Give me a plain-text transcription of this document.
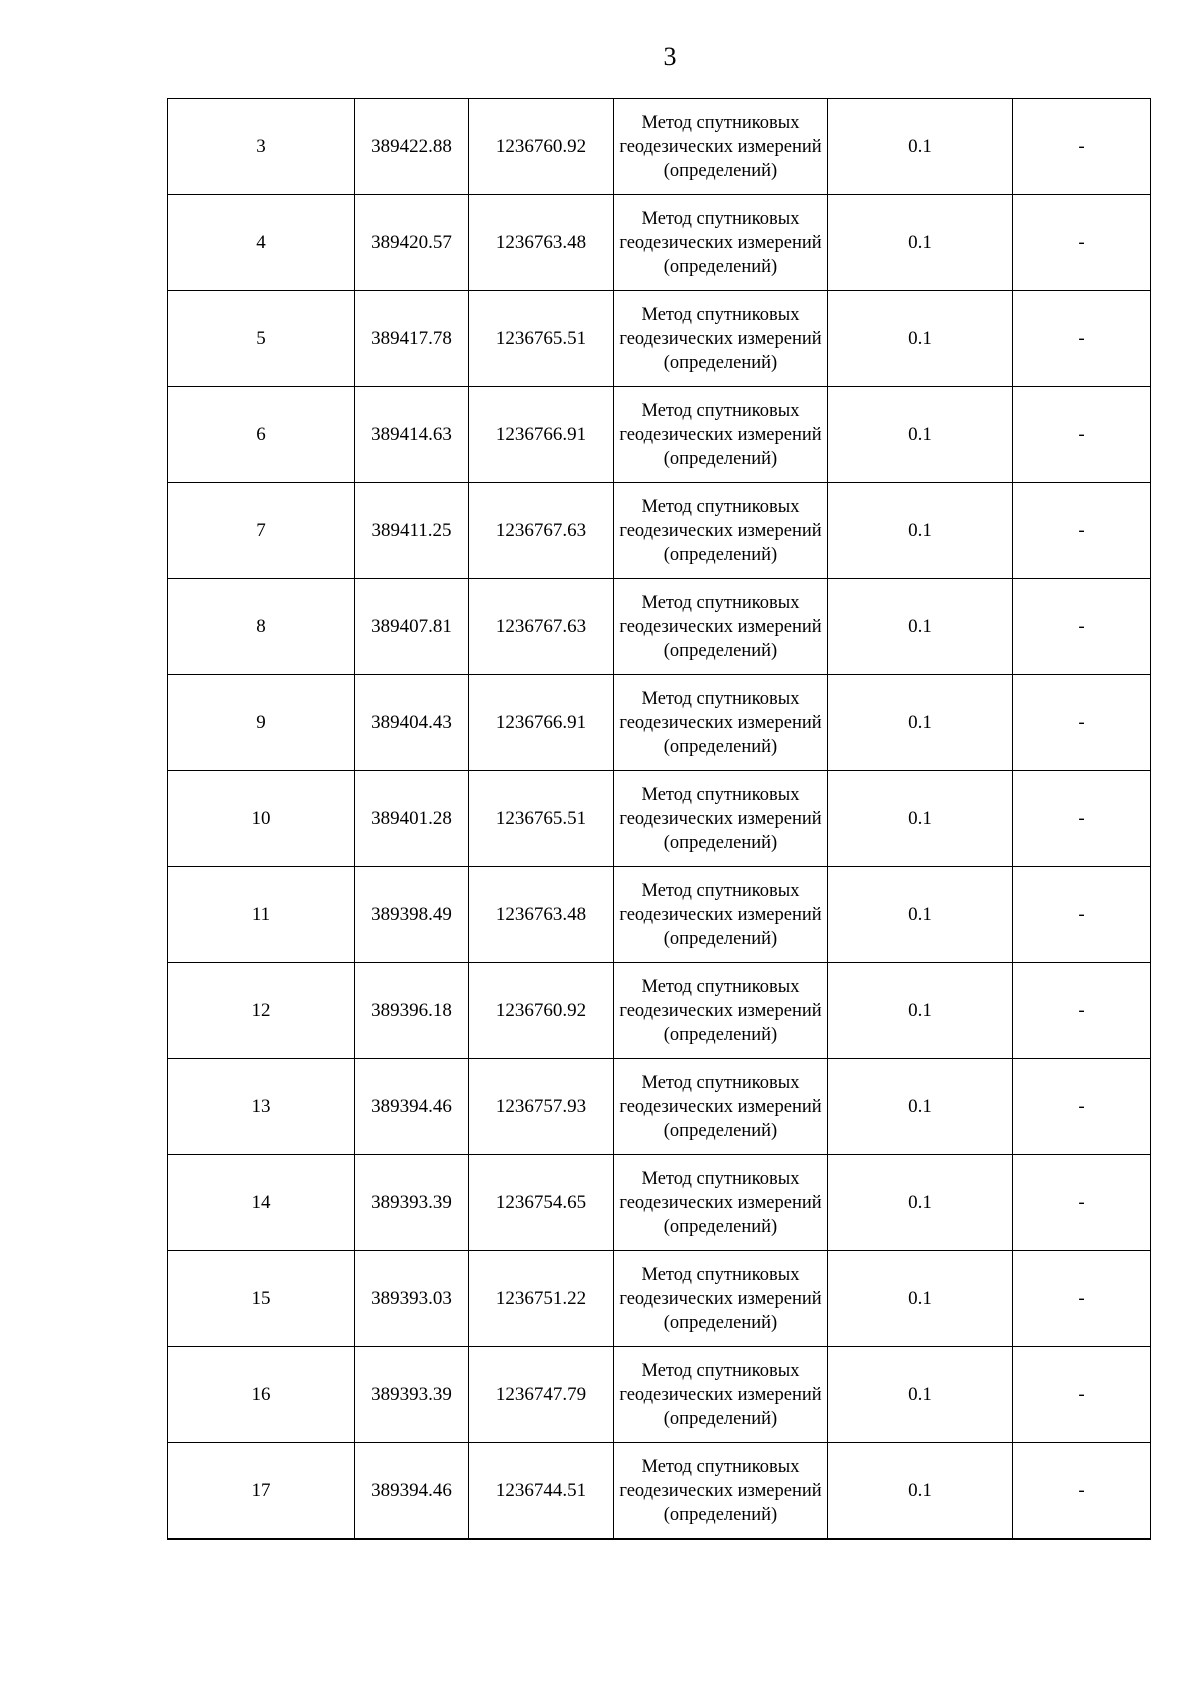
3
3	389422.88	1236760.92	Метод спутниковых геодезических измерений (определений)	0.1	-
4	389420.57	1236763.48	Метод спутниковых геодезических измерений (определений)	0.1	-
5	389417.78	1236765.51	Метод спутниковых геодезических измерений (определений)	0.1	-
6	389414.63	1236766.91	Метод спутниковых геодезических измерений (определений)	0.1	-
7	389411.25	1236767.63	Метод спутниковых геодезических измерений (определений)	0.1	-
8	389407.81	1236767.63	Метод спутниковых геодезических измерений (определений)	0.1	-
9	389404.43	1236766.91	Метод спутниковых геодезических измерений (определений)	0.1	-
10	389401.28	1236765.51	Метод спутниковых геодезических измерений (определений)	0.1	-
11	389398.49	1236763.48	Метод спутниковых геодезических измерений (определений)	0.1	-
12	389396.18	1236760.92	Метод спутниковых геодезических измерений (определений)	0.1	-
13	389394.46	1236757.93	Метод спутниковых геодезических измерений (определений)	0.1	-
14	389393.39	1236754.65	Метод спутниковых геодезических измерений (определений)	0.1	-
15	389393.03	1236751.22	Метод спутниковых геодезических измерений (определений)	0.1	-
16	389393.39	1236747.79	Метод спутниковых геодезических измерений (определений)	0.1	-
17	389394.46	1236744.51	Метод спутниковых геодезических измерений (определений)	0.1	-
